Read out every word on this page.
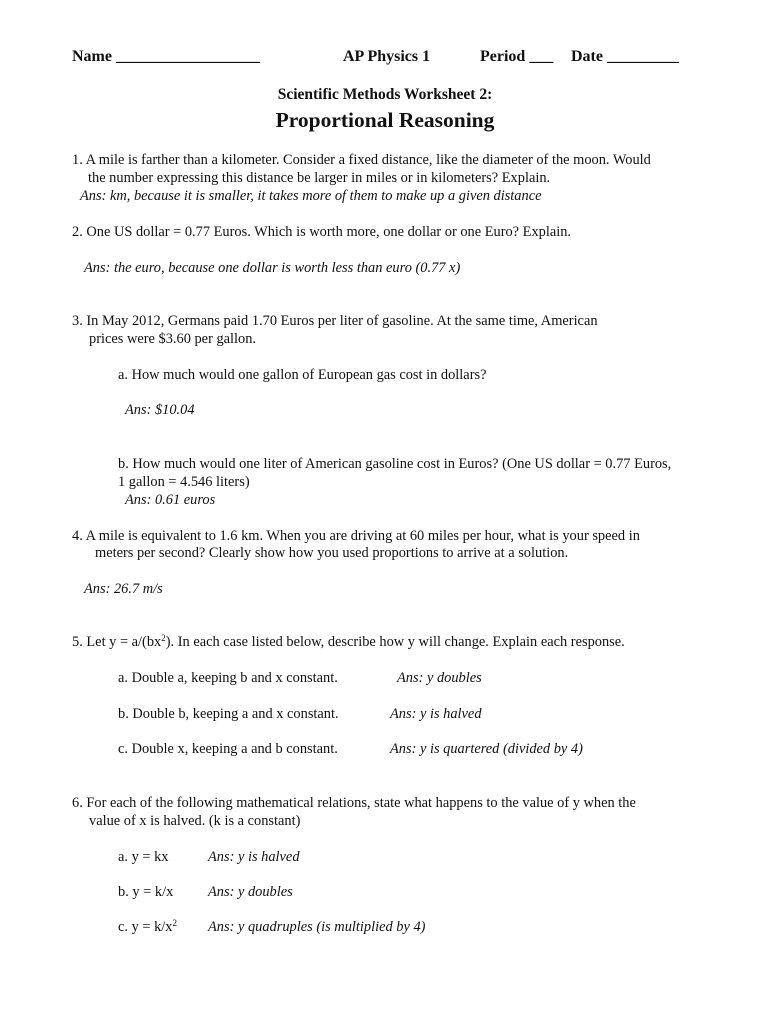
Name __________________	AP Physics 1	Period ___ Date _________
Scientific Methods Worksheet 2:
Proportional Reasoning
1. A mile is farther than a kilometer. Consider a fixed distance, like the diameter of the moon. Would
the number expressing this distance be larger in miles or in kilometers? Explain.
Ans: km, because it is smaller, it takes more of them to make up a given distance
2. One US dollar = 0.77 Euros. Which is worth more, one dollar or one Euro? Explain.
Ans: the euro, because one dollar is worth less than euro (0.77 x)
3. In May 2012, Germans paid 1.70 Euros per liter of gasoline. At the same time, American
prices were $3.60 per gallon.
a. How much would one gallon of European gas cost in dollars?
Ans: $10.04
b. How much would one liter of American gasoline cost in Euros? (One US dollar = 0.77 Euros,
1 gallon = 4.546 liters)
Ans: 0.61 euros
4. A mile is equivalent to 1.6 km. When you are driving at 60 miles per hour, what is your speed in
meters per second? Clearly show how you used proportions to arrive at a solution.
Ans: 26.7 m/s
5. Let $y = a/(bx^2)$. In each case listed below, describe how y will change. Explain each response.
a. Double a, keeping b and x constant.	Ans: y doubles
b. Double b, keeping a and x constant.	Ans: y is halved
c. Double x, keeping a and b constant.	Ans: y is quartered (divided by 4)
6. For each of the following mathematical relations, state what happens to the value of y when the
value of x is halved. (k is a constant)
a. y = kx	Ans: y is halved
b. y = k/x Ans: y doubles
c. $y = k/x^2$ Ans: y quadruples (is multiplied by 4)
